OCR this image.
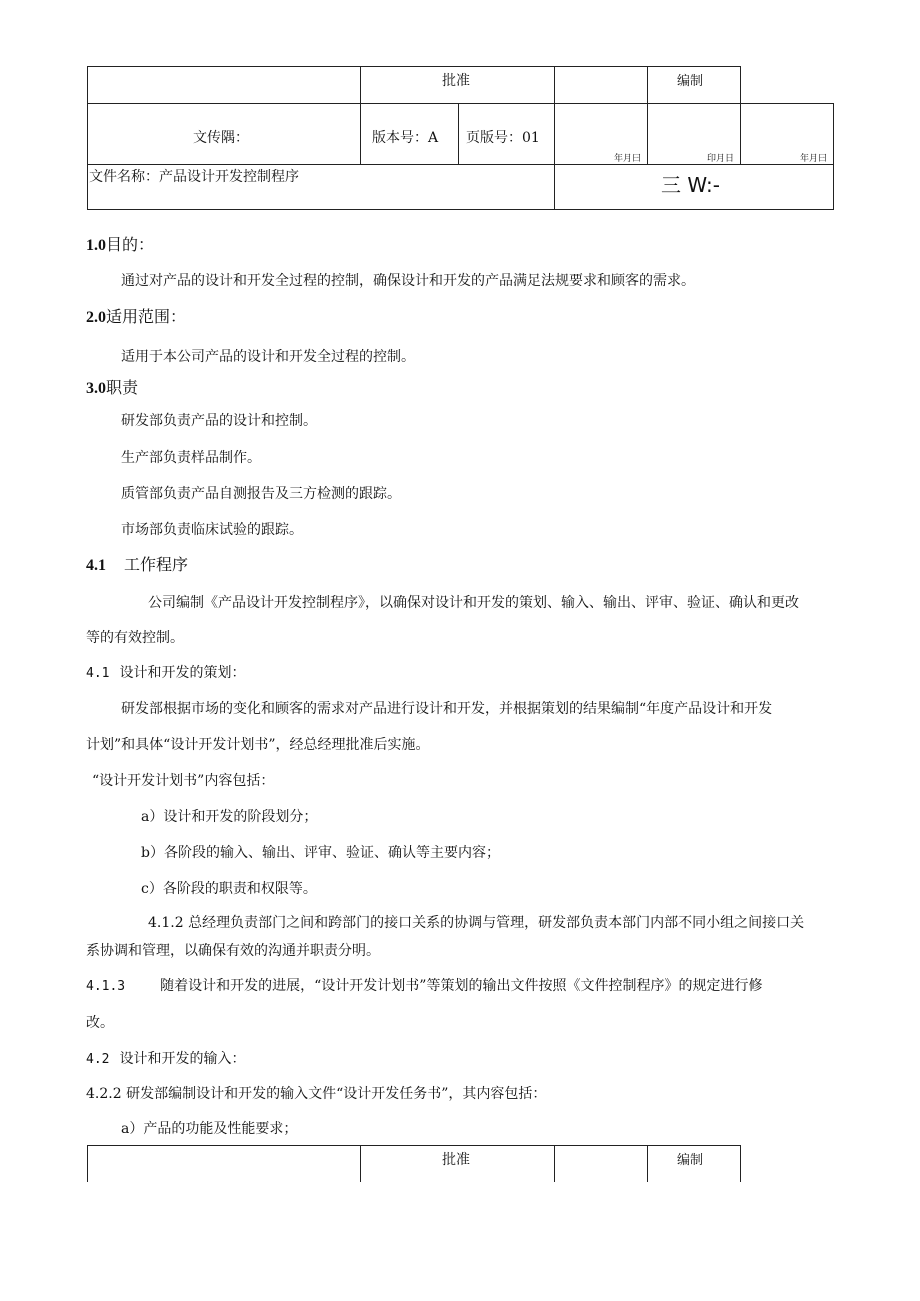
批准	编制
文传隅：	版本号：A 页版号：01
年月曰	印月日	年月曰
文件名称：产品设计开发控制程序	三 W:-
1.0目的：
通过对产品的设计和开发全过程的控制，确保设计和开发的产品满足法规要求和顾客的需求。
2.0适用范围：
适用于本公司产品的设计和开发全过程的控制。
3.0职责
研发部负责产品的设计和控制。
生产部负责样品制作。
质管部负责产品自测报告及三方检测的跟踪。
市场部负责临床试验的跟踪。
4.1 工作程序
公司编制《产品设计开发控制程序》，以确保对设计和开发的策划、输入、输出、评审、验证、确认和更改
等的有效控制。
4.1 设计和开发的策划：
研发部根据市场的变化和顾客的需求对产品进行设计和开发，并根据策划的结果编制“年度产品设计和开发
计划”和具体“设计开发计划书”，经总经理批准后实施。
“设计开发计划书”内容包括：
a）设计和开发的阶段划分；
b）各阶段的输入、输出、评审、验证、确认等主要内容；
c）各阶段的职责和权限等。
4.1.2 总经理负责部门之间和跨部门的接口关系的协调与管理，研发部负责本部门内部不同小组之间接口关
系协调和管理，以确保有效的沟通并职责分明。
4.1.3	随着设计和开发的进展，“设计开发计划书”等策划的输出文件按照《文件控制程序》的规定进行修
改。
4.2 设计和开发的输入：
4.2.2 研发部编制设计和开发的输入文件“设计开发任务书”，其内容包括：
a）产品的功能及性能要求；
批准	编制
